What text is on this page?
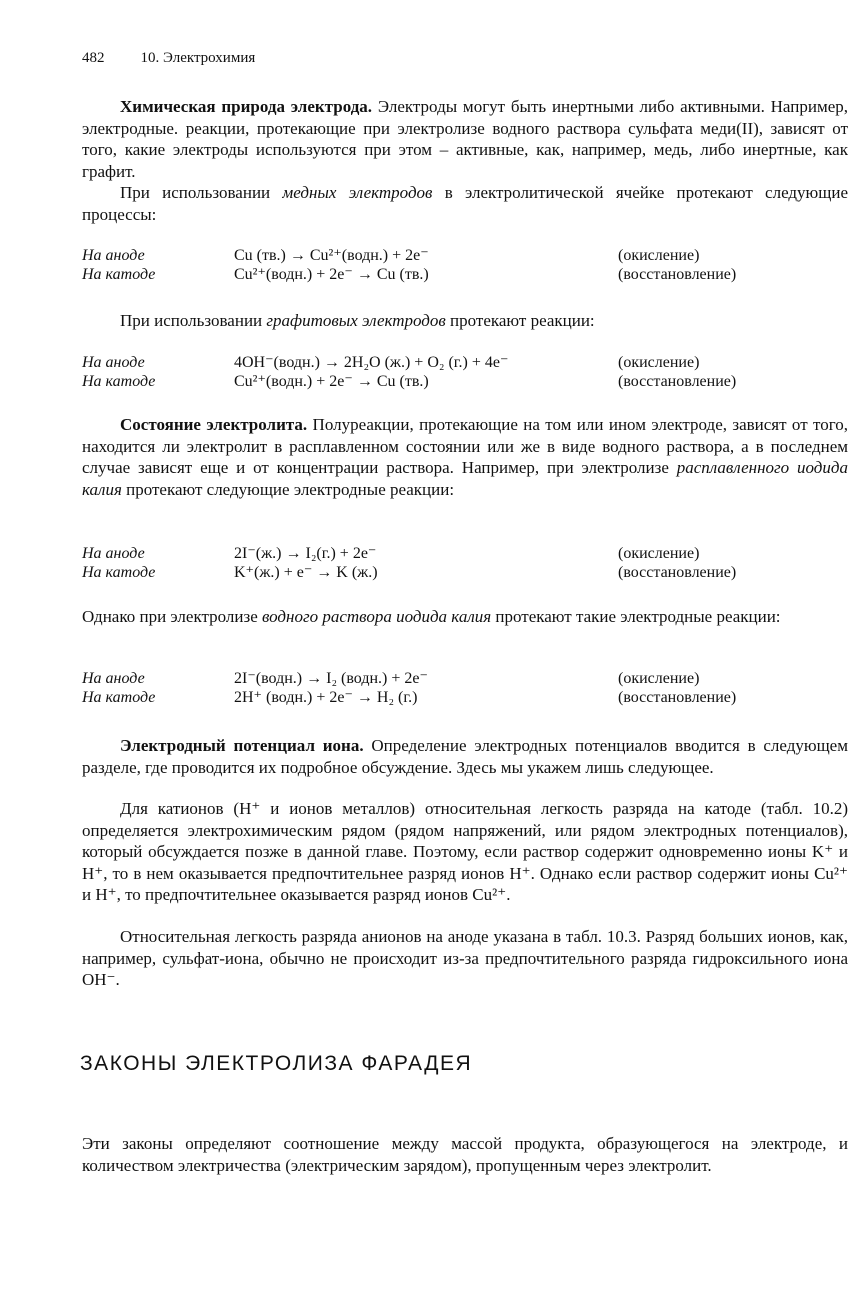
482 10. Электрохимия
Химическая природа электрода. Электроды могут быть инертными либо активными. Например, электродные. реакции, протекающие при электролизе водного раствора сульфата меди(II), зависят от того, какие электроды используются при этом – активные, как, например, медь, либо инертные, как графит.
При использовании медных электродов в электролитической ячейке протекают следующие процессы:
На аноде	Cu (тв.) → Cu²⁺(водн.) + 2e⁻	(окисление)
На катоде	Cu²⁺(водн.) + 2e⁻ → Cu (тв.)	(восстановление)
При использовании графитовых электродов протекают реакции:
На аноде	4OH⁻(водн.) → 2H₂O (ж.) + O₂ (г.) + 4e⁻	(окисление)
На катоде	Cu²⁺(водн.) + 2e⁻ → Cu (тв.)	(восстановление)
Состояние электролита. Полуреакции, протекающие на том или ином электроде, зависят от того, находится ли электролит в расплавленном состоянии или же в виде водного раствора, а в последнем случае зависят еще и от концентрации раствора. Например, при электролизе расплавленного иодида калия протекают следующие электродные реакции:
На аноде	2I⁻(ж.) → I₂(г.) + 2e⁻	(окисление)
На катоде	K⁺(ж.) + e⁻ → K (ж.)	(восстановление)
Однако при электролизе водного раствора иодида калия протекают такие электродные реакции:
На аноде	2I⁻(водн.) → I₂ (водн.) + 2e⁻	(окисление)
На катоде	2H⁺ (водн.) + 2e⁻ → H₂ (г.)	(восстановление)
Электродный потенциал иона. Определение электродных потенциалов вводится в следующем разделе, где проводится их подробное обсуждение. Здесь мы укажем лишь следующее.
Для катионов (H⁺ и ионов металлов) относительная легкость разряда на катоде (табл. 10.2) определяется электрохимическим рядом (рядом напряжений, или рядом электродных потенциалов), который обсуждается позже в данной главе. Поэтому, если раствор содержит одновременно ионы K⁺ и H⁺, то в нем оказывается предпочтительнее разряд ионов H⁺. Однако если раствор содержит ионы Cu²⁺ и H⁺, то предпочтительнее оказывается разряд ионов Cu²⁺.
Относительная легкость разряда анионов на аноде указана в табл. 10.3. Разряд больших ионов, как, например, сульфат-иона, обычно не происходит из-за предпочтительного разряда гидроксильного иона OH⁻.
ЗАКОНЫ ЭЛЕКТРОЛИЗА ФАРАДЕЯ
Эти законы определяют соотношение между массой продукта, образующегося на электроде, и количеством электричества (электрическим зарядом), пропущенным через электролит.
